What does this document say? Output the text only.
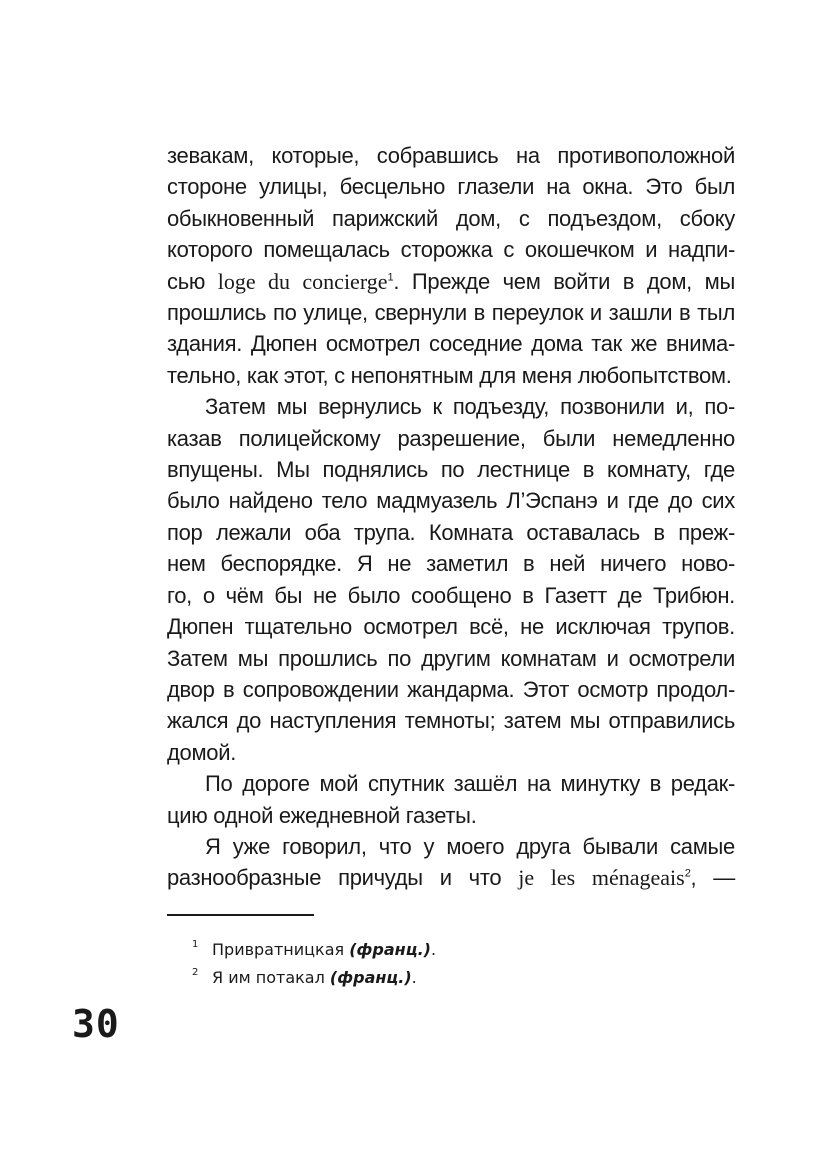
зевакам, которые, собравшись на противоположной
стороне улицы, бесцельно глазели на окна. Это был
обыкновенный парижский дом, с подъездом, сбоку
которого помещалась сторожка с окошечком и надпи-
сью loge du concierge$^1$. Прежде чем войти в дом, мы
прошлись по улице, свернули в переулок и зашли в тыл
здания. Дюпен осмотрел соседние дома так же внима-
тельно, как этот, с непонятным для меня любопытством.
Затем мы вернулись к подъезду, позвонили и, по-
казав полицейскому разрешение, были немедленно
впущены. Мы поднялись по лестнице в комнату, где
было найдено тело мадмуазель Л’Эспанэ и где до сих
пор лежали оба трупа. Комната оставалась в преж-
нем беспорядке. Я не заметил в ней ничего ново-
го, о чём бы не было сообщено в Газетт де Трибюн.
Дюпен тщательно осмотрел всё, не исключая трупов.
Затем мы прошлись по другим комнатам и осмотрели
двор в сопровождении жандарма. Этот осмотр продол-
жался до наступления темноты; затем мы отправились
домой.
По дороге мой спутник зашёл на минутку в редак-
цию одной ежедневной газеты.
Я уже говорил, что у моего друга бывали самые
разнообразные причуды и что je les ménageais$^2$, —
1 Привратницкая (франц.).
2 Я им потакал (франц.).
30
